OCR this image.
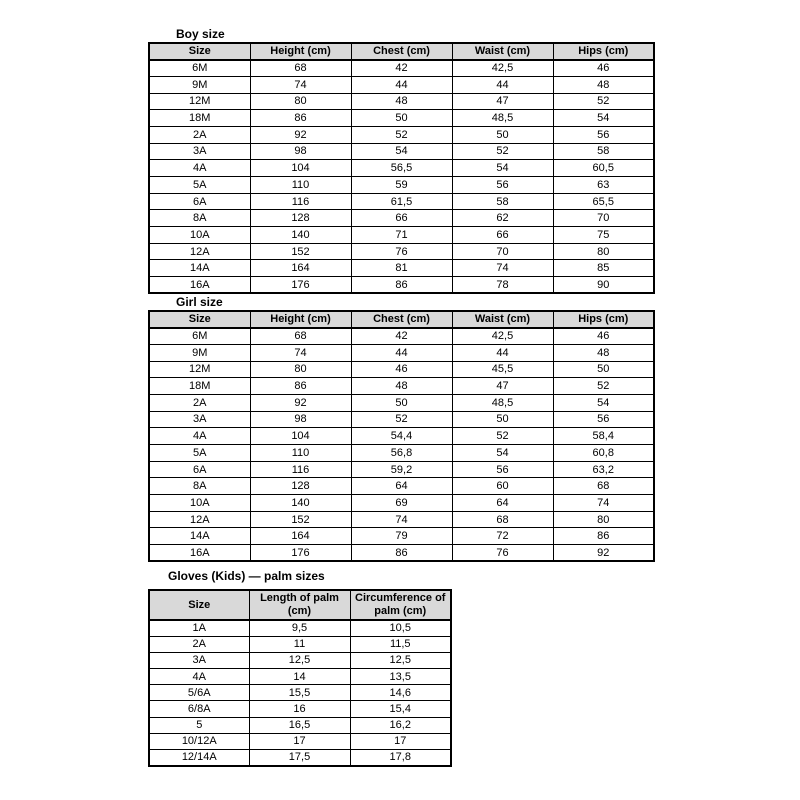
Boy size
Size	Height (cm)	Chest (cm)	Waist (cm)	Hips (cm)
6M	68	42	42,5	46
9M	74	44	44	48
12M	80	48	47	52
18M	86	50	48,5	54
2A	92	52	50	56
3A	98	54	52	58
4A	104	56,5	54	60,5
5A	110	59	56	63
6A	116	61,5	58	65,5
8A	128	66	62	70
10A	140	71	66	75
12A	152	76	70	80
14A	164	81	74	85
16A	176	86	78	90
Girl size
Size	Height (cm)	Chest (cm)	Waist (cm)	Hips (cm)
6M	68	42	42,5	46
9M	74	44	44	48
12M	80	46	45,5	50
18M	86	48	47	52
2A	92	50	48,5	54
3A	98	52	50	56
4A	104	54,4	52	58,4
5A	110	56,8	54	60,8
6A	116	59,2	56	63,2
8A	128	64	60	68
10A	140	69	64	74
12A	152	74	68	80
14A	164	79	72	86
16A	176	86	76	92
Gloves (Kids) — palm sizes
Size	Length of palm (cm)	Circumference of palm (cm)
1A	9,5	10,5
2A	11	11,5
3A	12,5	12,5
4A	14	13,5
5/6A	15,5	14,6
6/8A	16	15,4
5	16,5	16,2
10/12A	17	17
12/14A	17,5	17,8
